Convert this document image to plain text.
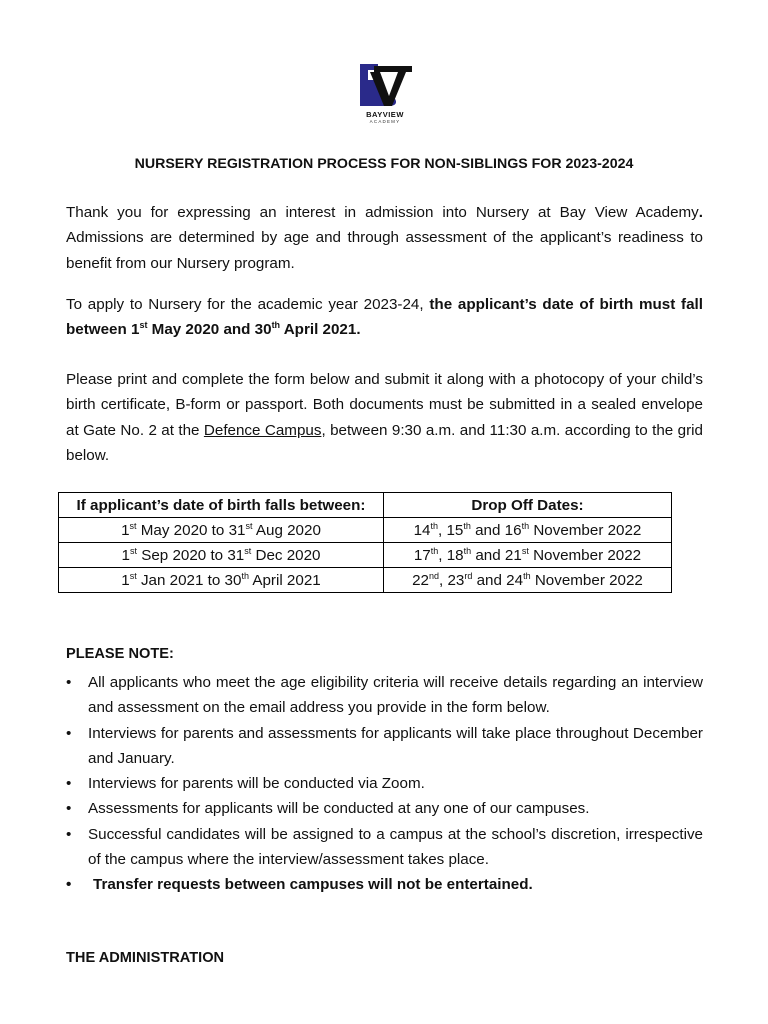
BAYVIEW
ACADEMY
NURSERY REGISTRATION PROCESS FOR NON-SIBLINGS FOR 2023-2024
Thank you for expressing an interest in admission into Nursery at Bay View Academy. Admissions are determined by age and through assessment of the applicant’s readiness to benefit from our Nursery program.
To apply to Nursery for the academic year 2023-24, the applicant’s date of birth must fall between 1st May 2020 and 30th April 2021.
Please print and complete the form below and submit it along with a photocopy of your child’s birth certificate, B-form or passport. Both documents must be submitted in a sealed envelope at Gate No. 2 at the Defence Campus, between 9:30 a.m. and 11:30 a.m. according to the grid below.
If applicant’s date of birth falls between:	Drop Off Dates:
1st May 2020 to 31st Aug 2020	14th, 15th and 16th November 2022
1st Sep 2020 to 31st Dec 2020	17th, 18th and 21st November 2022
1st Jan 2021 to 30th April 2021	22nd, 23rd and 24th November 2022
PLEASE NOTE:
•	All applicants who meet the age eligibility criteria will receive details regarding an interview and assessment on the email address you provide in the form below.
•	Interviews for parents and assessments for applicants will take place throughout December and January.
•	Interviews for parents will be conducted via Zoom.
•	Assessments for applicants will be conducted at any one of our campuses.
•	Successful candidates will be assigned to a campus at the school’s discretion, irrespective of the campus where the interview/assessment takes place.
•	Transfer requests between campuses will not be entertained.
THE ADMINISTRATION
